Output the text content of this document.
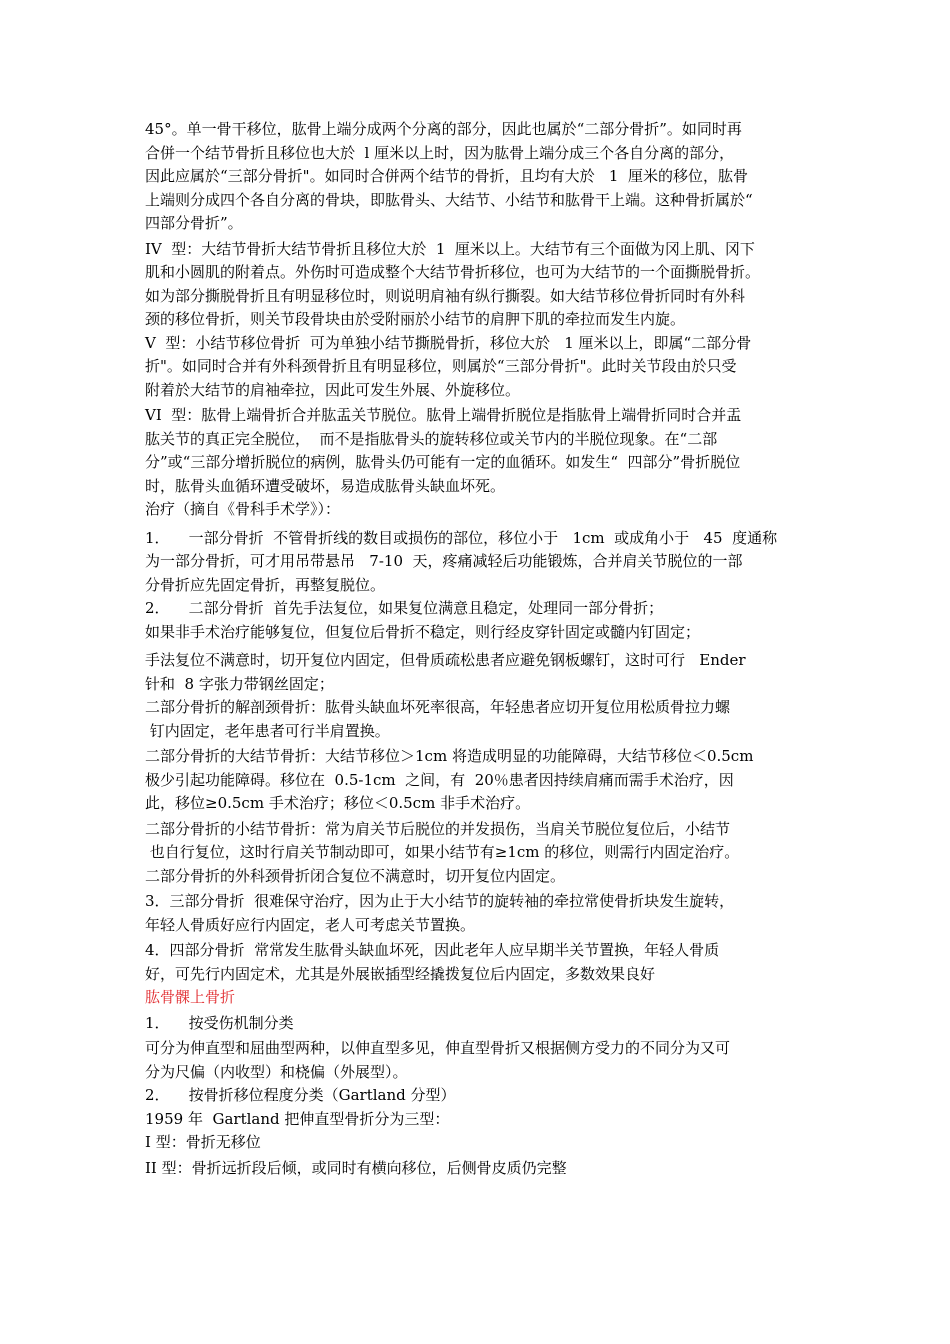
45°。单一骨干移位，肱骨上端分成两个分离的部分，因此也属於“二部分骨折”。如同时再
合併一个结节骨折且移位也大於  l 厘米以上时，因为肱骨上端分成三个各自分离的部分，
因此应属於“三部分骨折"。如同时合併两个结节的骨折，且均有大於   1  厘米的移位，肱骨
上端则分成四个各自分离的骨块，即肱骨头、大结节、小结节和肱骨干上端。这种骨折属於“
四部分骨折”。
IV  型：大结节骨折大结节骨折且移位大於  1  厘米以上。大结节有三个面做为冈上肌、冈下
肌和小圆肌的附着点。外伤时可造成整个大结节骨折移位，也可为大结节的一个面撕脱骨折。
如为部分撕脱骨折且有明显移位时，则说明肩袖有纵行撕裂。如大结节移位骨折同时有外科
颈的移位骨折，则关节段骨块由於受附丽於小结节的肩胛下肌的牵拉而发生内旋。
V  型：小结节移位骨折  可为单独小结节撕脱骨折，移位大於   1 厘米以上，即属“二部分骨
折"。如同时合并有外科颈骨折且有明显移位，则属於“三部分骨折"。此时关节段由於只受
附着於大结节的肩袖牵拉，因此可发生外展、外旋移位。
VI  型：肱骨上端骨折合并肱盂关节脱位。肱骨上端骨折脱位是指肱骨上端骨折同时合并盂
肱关节的真正完全脱位，  而不是指肱骨头的旋转移位或关节内的半脱位现象。在“二部
分”或“三部分增折脱位的病例，肱骨头仍可能有一定的血循环。如发生“  四部分”骨折脱位
时，肱骨头血循环遭受破坏，易造成肱骨头缺血坏死。
治疗（摘自《骨科手术学》）：
1．    一部分骨折  不管骨折线的数目或损伤的部位，移位小于   1cm  或成角小于   45  度通称
为一部分骨折，可才用吊带悬吊   7-10  天，疼痛减轻后功能锻炼，合并肩关节脱位的一部
分骨折应先固定骨折，再整复脱位。
2．    二部分骨折  首先手法复位，如果复位满意且稳定，处理同一部分骨折；
如果非手术治疗能够复位，但复位后骨折不稳定，则行经皮穿针固定或髓内钉固定；
手法复位不满意时，切开复位内固定，但骨质疏松患者应避免钢板螺钉，这时可行   Ender
针和  8 字张力带钢丝固定；
二部分骨折的解剖颈骨折：肱骨头缺血坏死率很高，年轻患者应切开复位用松质骨拉力螺
钉内固定，老年患者可行半肩置换。
二部分骨折的大结节骨折：大结节移位＞1cm 将造成明显的功能障碍，大结节移位＜0.5cm
极少引起功能障碍。移位在  0.5-1cm  之间，有  20％患者因持续肩痛而需手术治疗，因
此，移位≥0.5cm 手术治疗；移位＜0.5cm 非手术治疗。
二部分骨折的小结节骨折：常为肩关节后脱位的并发损伤，当肩关节脱位复位后，小结节
也自行复位，这时行肩关节制动即可，如果小结节有≥1cm 的移位，则需行内固定治疗。
二部分骨折的外科颈骨折闭合复位不满意时，切开复位内固定。
3．三部分骨折  很难保守治疗，因为止于大小结节的旋转袖的牵拉常使骨折块发生旋转，
年轻人骨质好应行内固定，老人可考虑关节置换。
4．四部分骨折  常常发生肱骨头缺血坏死，因此老年人应早期半关节置换，年轻人骨质
好，可先行内固定术，尤其是外展嵌插型经撬拨复位后内固定，多数效果良好
肱骨髁上骨折
1．    按受伤机制分类
可分为伸直型和屈曲型两种，以伸直型多见，伸直型骨折又根据侧方受力的不同分为又可
分为尺偏（内收型）和桡偏（外展型）。
2．    按骨折移位程度分类（Gartland 分型）
1959 年  Gartland 把伸直型骨折分为三型：
I 型：骨折无移位
II 型：骨折远折段后倾，或同时有横向移位，后侧骨皮质仍完整
